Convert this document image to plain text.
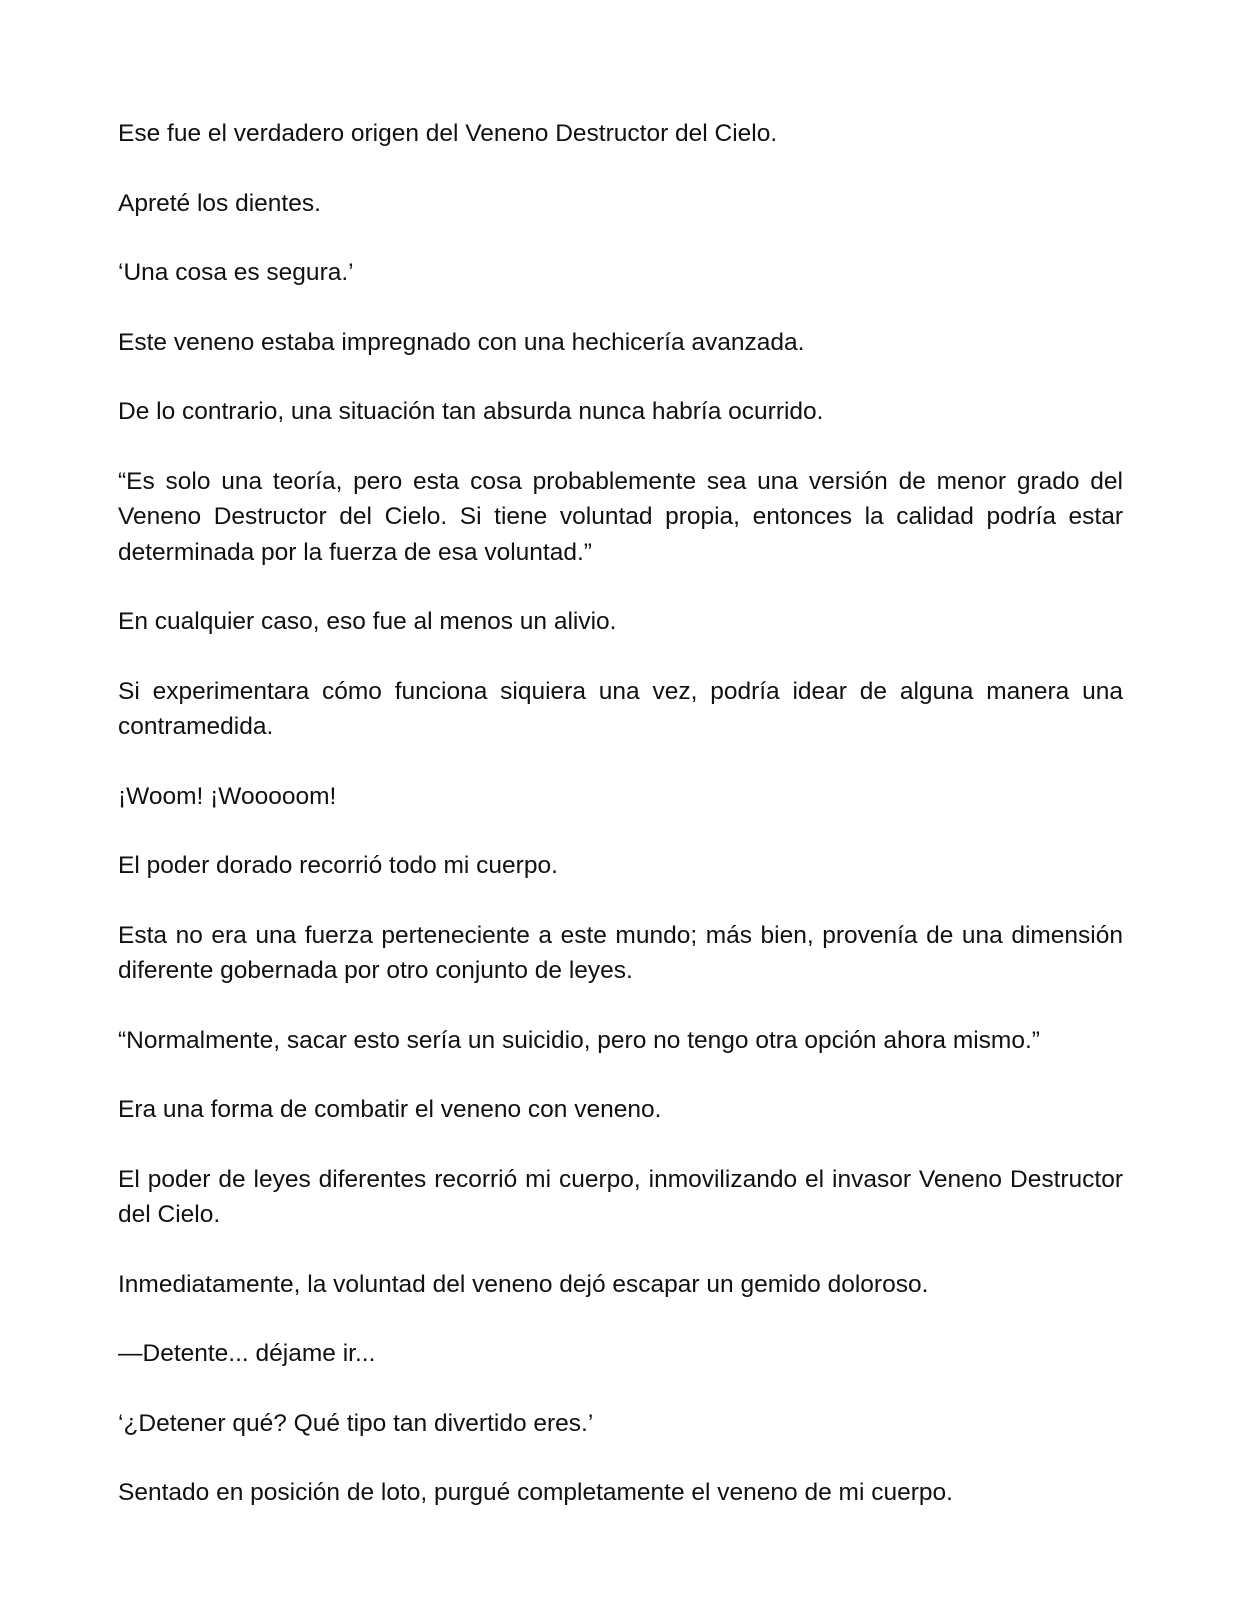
Ese fue el verdadero origen del Veneno Destructor del Cielo.

Apreté los dientes.

‘Una cosa es segura.’

Este veneno estaba impregnado con una hechicería avanzada.

De lo contrario, una situación tan absurda nunca habría ocurrido.

“Es solo una teoría, pero esta cosa probablemente sea una versión de menor grado del Veneno Destructor del Cielo. Si tiene voluntad propia, entonces la calidad podría estar determinada por la fuerza de esa voluntad.”

En cualquier caso, eso fue al menos un alivio.

Si experimentara cómo funciona siquiera una vez, podría idear de alguna manera una contramedida.

¡Woom! ¡Wooooom!

El poder dorado recorrió todo mi cuerpo.

Esta no era una fuerza perteneciente a este mundo; más bien, provenía de una dimensión diferente gobernada por otro conjunto de leyes.

“Normalmente, sacar esto sería un suicidio, pero no tengo otra opción ahora mismo.”

Era una forma de combatir el veneno con veneno.

El poder de leyes diferentes recorrió mi cuerpo, inmovilizando el invasor Veneno Destructor del Cielo.

Inmediatamente, la voluntad del veneno dejó escapar un gemido doloroso.

—Detente... déjame ir...

‘¿Detener qué? Qué tipo tan divertido eres.’

Sentado en posición de loto, purgué completamente el veneno de mi cuerpo.
